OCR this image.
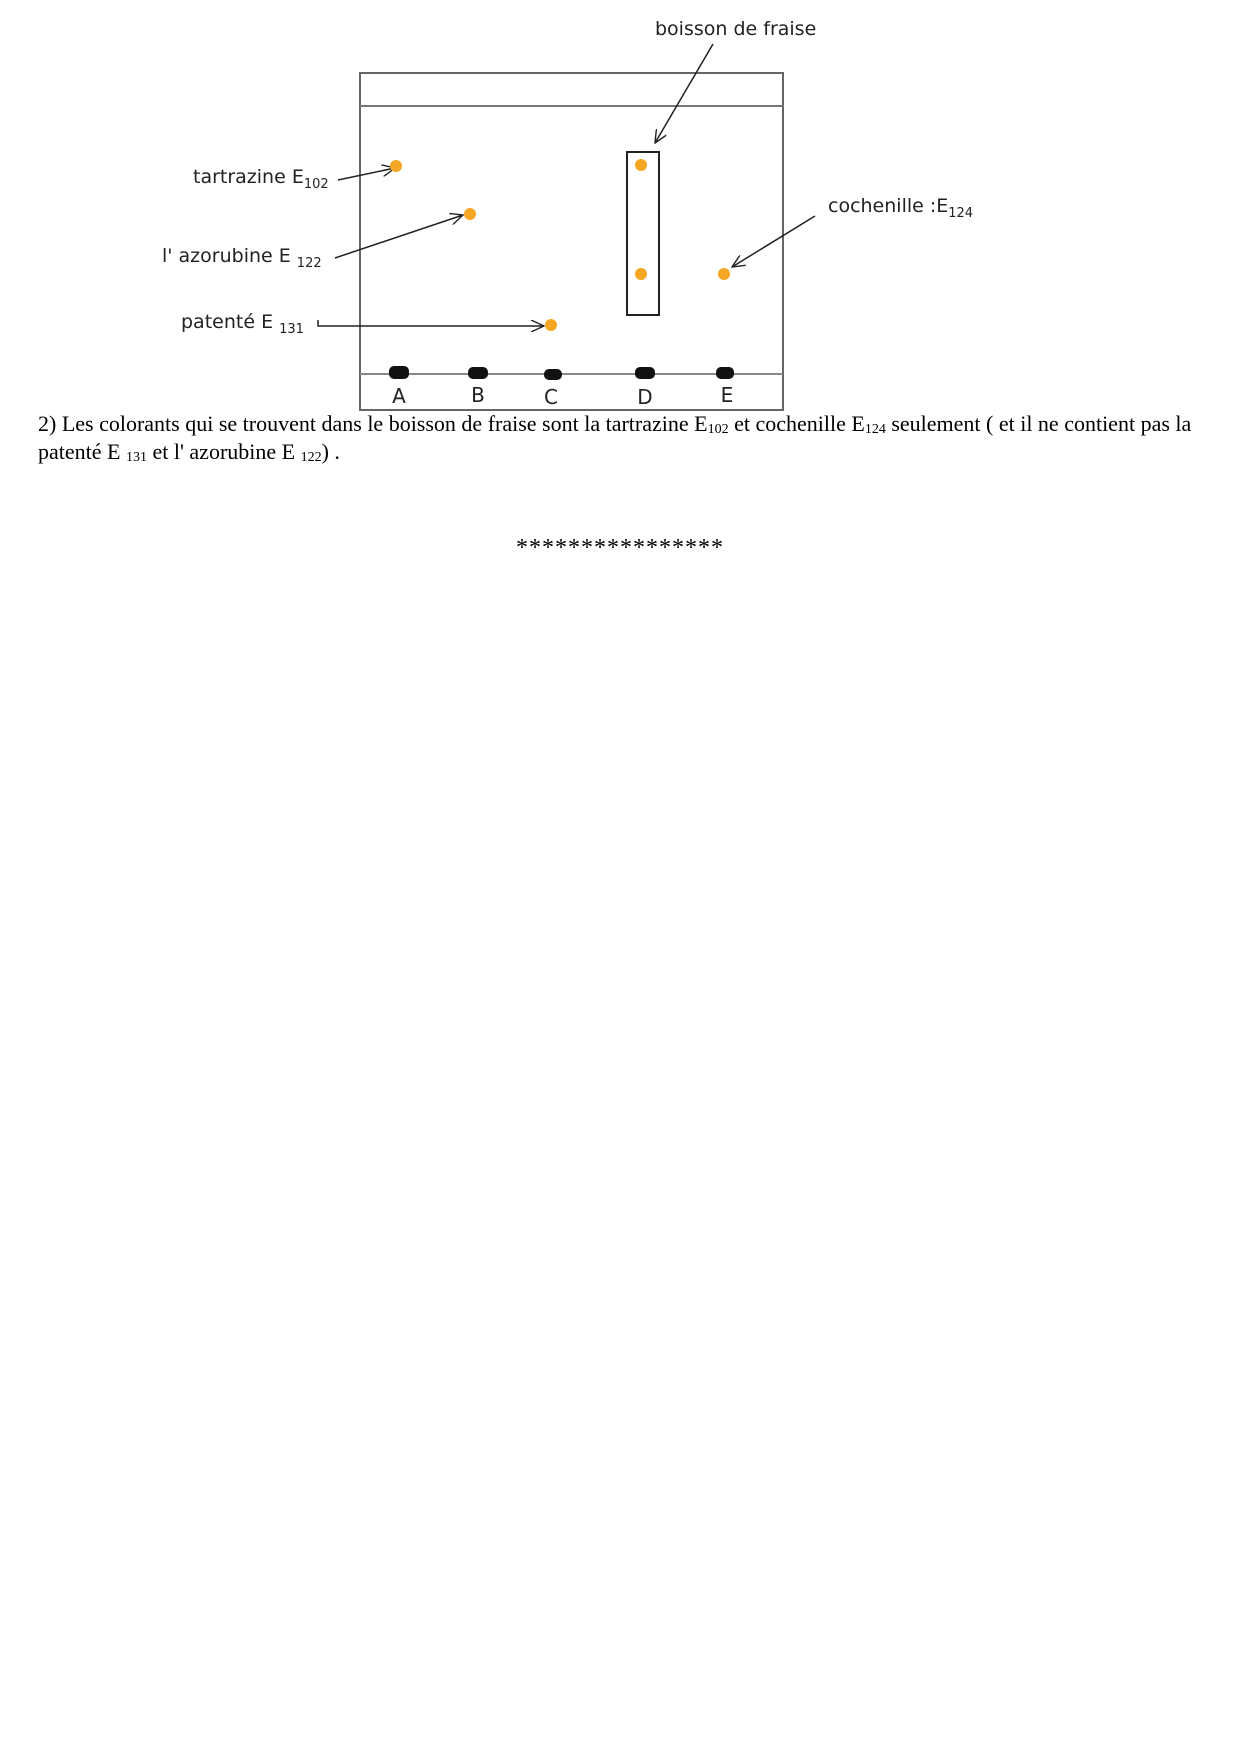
boisson de fraise
tartrazine $E_{102}$
l' azorubine E $_{122}$
patenté E $_{131}$
cochenille $:E_{124}$
A	B	C	D	E

2) Les colorants qui se trouvent dans le boisson de fraise sont la tartrazine $E_{102}$ et cochenille $E_{124}$ seulement ( et il ne contient pas la patenté E $_{131}$ et l' azorubine E $_{122}$) .

****************
